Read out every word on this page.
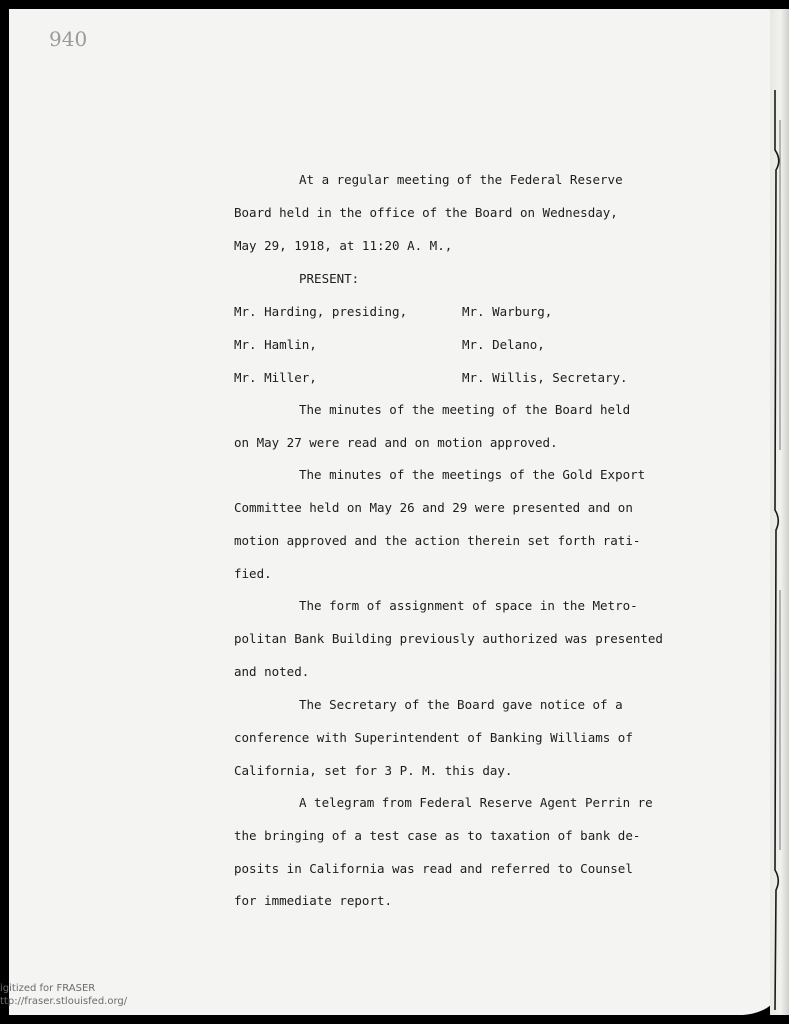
940
At a regular meeting of the Federal Reserve
Board held in the office of the Board on Wednesday,
May 29, 1918, at 11:20 A. M.,
PRESENT:
Mr. Harding, presiding,	Mr. Warburg,
Mr. Hamlin,	Mr. Delano,
Mr. Miller,	Mr. Willis, Secretary.
The minutes of the meeting of the Board held
on May 27 were read and on motion approved.
The minutes of the meetings of the Gold Export
Committee held on May 26 and 29 were presented and on
motion approved and the action therein set forth rati-
fied.
The form of assignment of space in the Metro-
politan Bank Building previously authorized was presented
and noted.
The Secretary of the Board gave notice of a
conference with Superintendent of Banking Williams of
California, set for 3 P. M. this day.
A telegram from Federal Reserve Agent Perrin re
the bringing of a test case as to taxation of bank de-
posits in California was read and referred to Counsel
for immediate report.
igitized for FRASER
ttp://fraser.stlouisfed.org/
